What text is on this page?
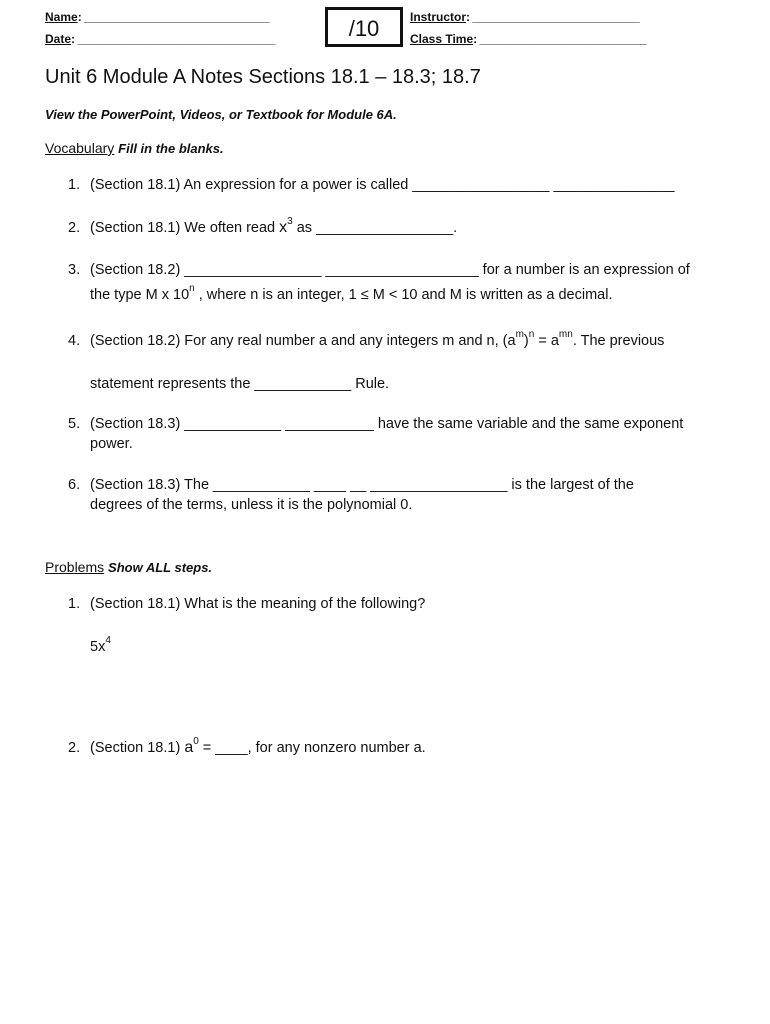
Name: ______________________________
Date: ________________________________	/10	Instructor: ___________________________
Class Time: ___________________________
Unit 6 Module A Notes Sections 18.1 – 18.3; 18.7
View the PowerPoint, Videos, or Textbook for Module 6A.
Vocabulary Fill in the blanks.
1. (Section 18.1) An expression for a power is called _________________ _______________
2. (Section 18.1) We often read $x^3$ as _________________.
3. (Section 18.2) _________________ ___________________ for a number is an expression of
the type M x 10$^n$ , where n is an integer, 1 ≤ M < 10 and M is written as a decimal.
4. (Section 18.2) For any real number a and any integers m and n, $(a^m)^n = a^{mn}$. The previous
statement represents the ____________ Rule.
5. (Section 18.3) ____________ ___________ have the same variable and the same exponent
power.
6. (Section 18.3) The ____________ ____ __ _________________ is the largest of the
degrees of the terms, unless it is the polynomial 0.
Problems Show ALL steps.
1. (Section 18.1) What is the meaning of the following?
$5x^4$
2. (Section 18.1) $a^0$ = ____, for any nonzero number a.
